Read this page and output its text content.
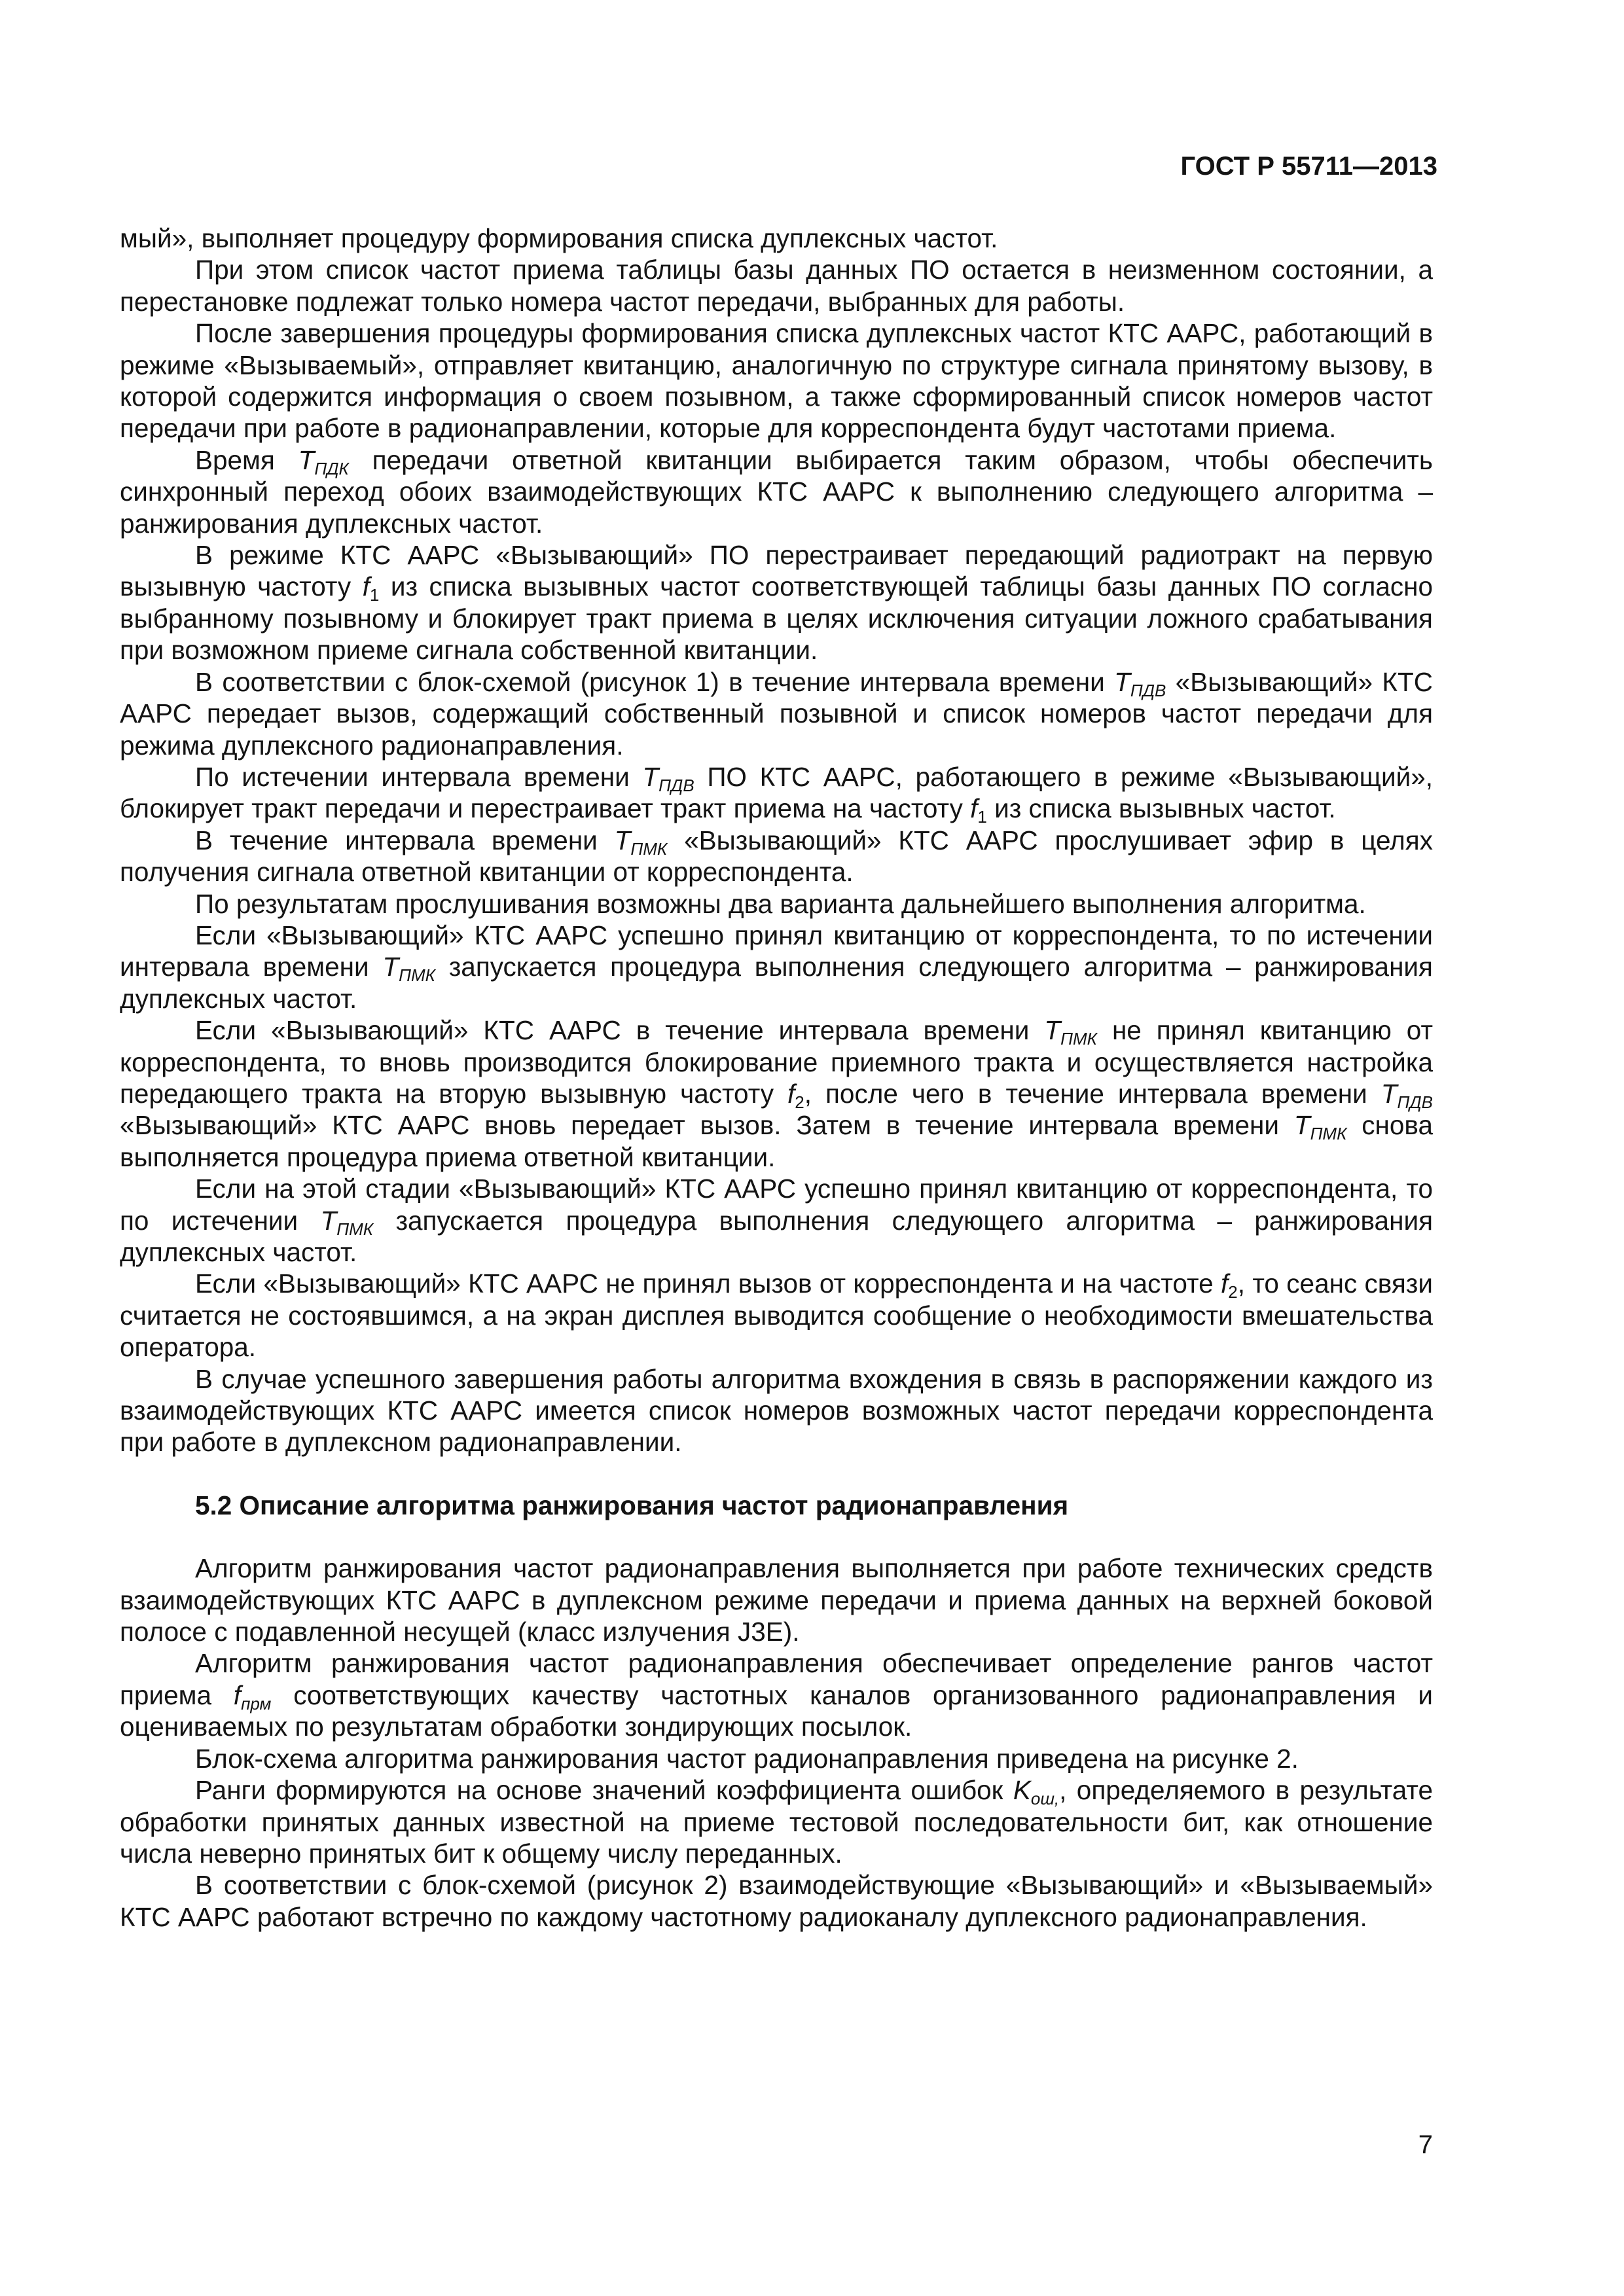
ГОСТ Р 55711—2013

мый», выполняет процедуру формирования списка дуплексных частот.

При этом список частот приема таблицы базы данных ПО остается в неизменном состоянии, а перестановке подлежат только номера частот передачи, выбранных для работы.

После завершения процедуры формирования списка дуплексных частот КТС ААРС, работающий в режиме «Вызываемый», отправляет квитанцию, аналогичную по структуре сигнала принятому вызову, в которой содержится информация о своем позывном, а также сформированный список номеров частот передачи при работе в радионаправлении, которые для корреспондента будут частотами приема.

Время $T_{ПДК}$ передачи ответной квитанции выбирается таким образом, чтобы обеспечить синхронный переход обоих взаимодействующих КТС ААРС к выполнению следующего алгоритма – ранжирования дуплексных частот.

В режиме КТС ААРС «Вызывающий» ПО перестраивает передающий радиотракт на первую вызывную частоту $f_1$ из списка вызывных частот соответствующей таблицы базы данных ПО согласно выбранному позывному и блокирует тракт приема в целях исключения ситуации ложного срабатывания при возможном приеме сигнала собственной квитанции.

В соответствии с блок-схемой (рисунок 1) в течение интервала времени $T_{ПДВ}$ «Вызывающий» КТС ААРС передает вызов, содержащий собственный позывной и список номеров частот передачи для режима дуплексного радионаправления.

По истечении интервала времени $T_{ПДВ}$ ПО КТС ААРС, работающего в режиме «Вызывающий», блокирует тракт передачи и перестраивает тракт приема на частоту $f_1$ из списка вызывных частот.

В течение интервала времени $T_{ПМК}$ «Вызывающий» КТС ААРС прослушивает эфир в целях получения сигнала ответной квитанции от корреспондента.

По результатам прослушивания возможны два варианта дальнейшего выполнения алгоритма.

Если «Вызывающий» КТС ААРС успешно принял квитанцию от корреспондента, то по истечении интервала времени $T_{ПМК}$ запускается процедура выполнения следующего алгоритма – ранжирования дуплексных частот.

Если «Вызывающий» КТС ААРС в течение интервала времени $T_{ПМК}$ не принял квитанцию от корреспондента, то вновь производится блокирование приемного тракта и осуществляется настройка передающего тракта на вторую вызывную частоту $f_2$, после чего в течение интервала времени $T_{ПДВ}$ «Вызывающий» КТС ААРС вновь передает вызов. Затем в течение интервала времени $T_{ПМК}$ снова выполняется процедура приема ответной квитанции.

Если на этой стадии «Вызывающий» КТС ААРС успешно принял квитанцию от корреспондента, то по истечении $T_{ПМК}$ запускается процедура выполнения следующего алгоритма – ранжирования дуплексных частот.

Если «Вызывающий» КТС ААРС не принял вызов от корреспондента и на частоте $f_2$, то сеанс связи считается не состоявшимся, а на экран дисплея выводится сообщение о необходимости вмешательства оператора.

В случае успешного завершения работы алгоритма вхождения в связь в распоряжении каждого из взаимодействующих КТС ААРС имеется список номеров возможных частот передачи корреспондента при работе в дуплексном радионаправлении.

5.2 Описание алгоритма ранжирования частот радионаправления

Алгоритм ранжирования частот радионаправления выполняется при работе технических средств взаимодействующих КТС ААРС в дуплексном режиме передачи и приема данных на верхней боковой полосе с подавленной несущей (класс излучения J3E).

Алгоритм ранжирования частот радионаправления обеспечивает определение рангов частот приема $f_{прм}$ соответствующих качеству частотных каналов организованного радионаправления и оцениваемых по результатам обработки зондирующих посылок.

Блок-схема алгоритма ранжирования частот радионаправления приведена на рисунке 2.

Ранги формируются на основе значений коэффициента ошибок $K_{ош,}$, определяемого в результате обработки принятых данных известной на приеме тестовой последовательности бит, как отношение числа неверно принятых бит к общему числу переданных.

В соответствии с блок-схемой (рисунок 2) взаимодействующие «Вызывающий» и «Вызываемый» КТС ААРС работают встречно по каждому частотному радиоканалу дуплексного радионаправления.

7
